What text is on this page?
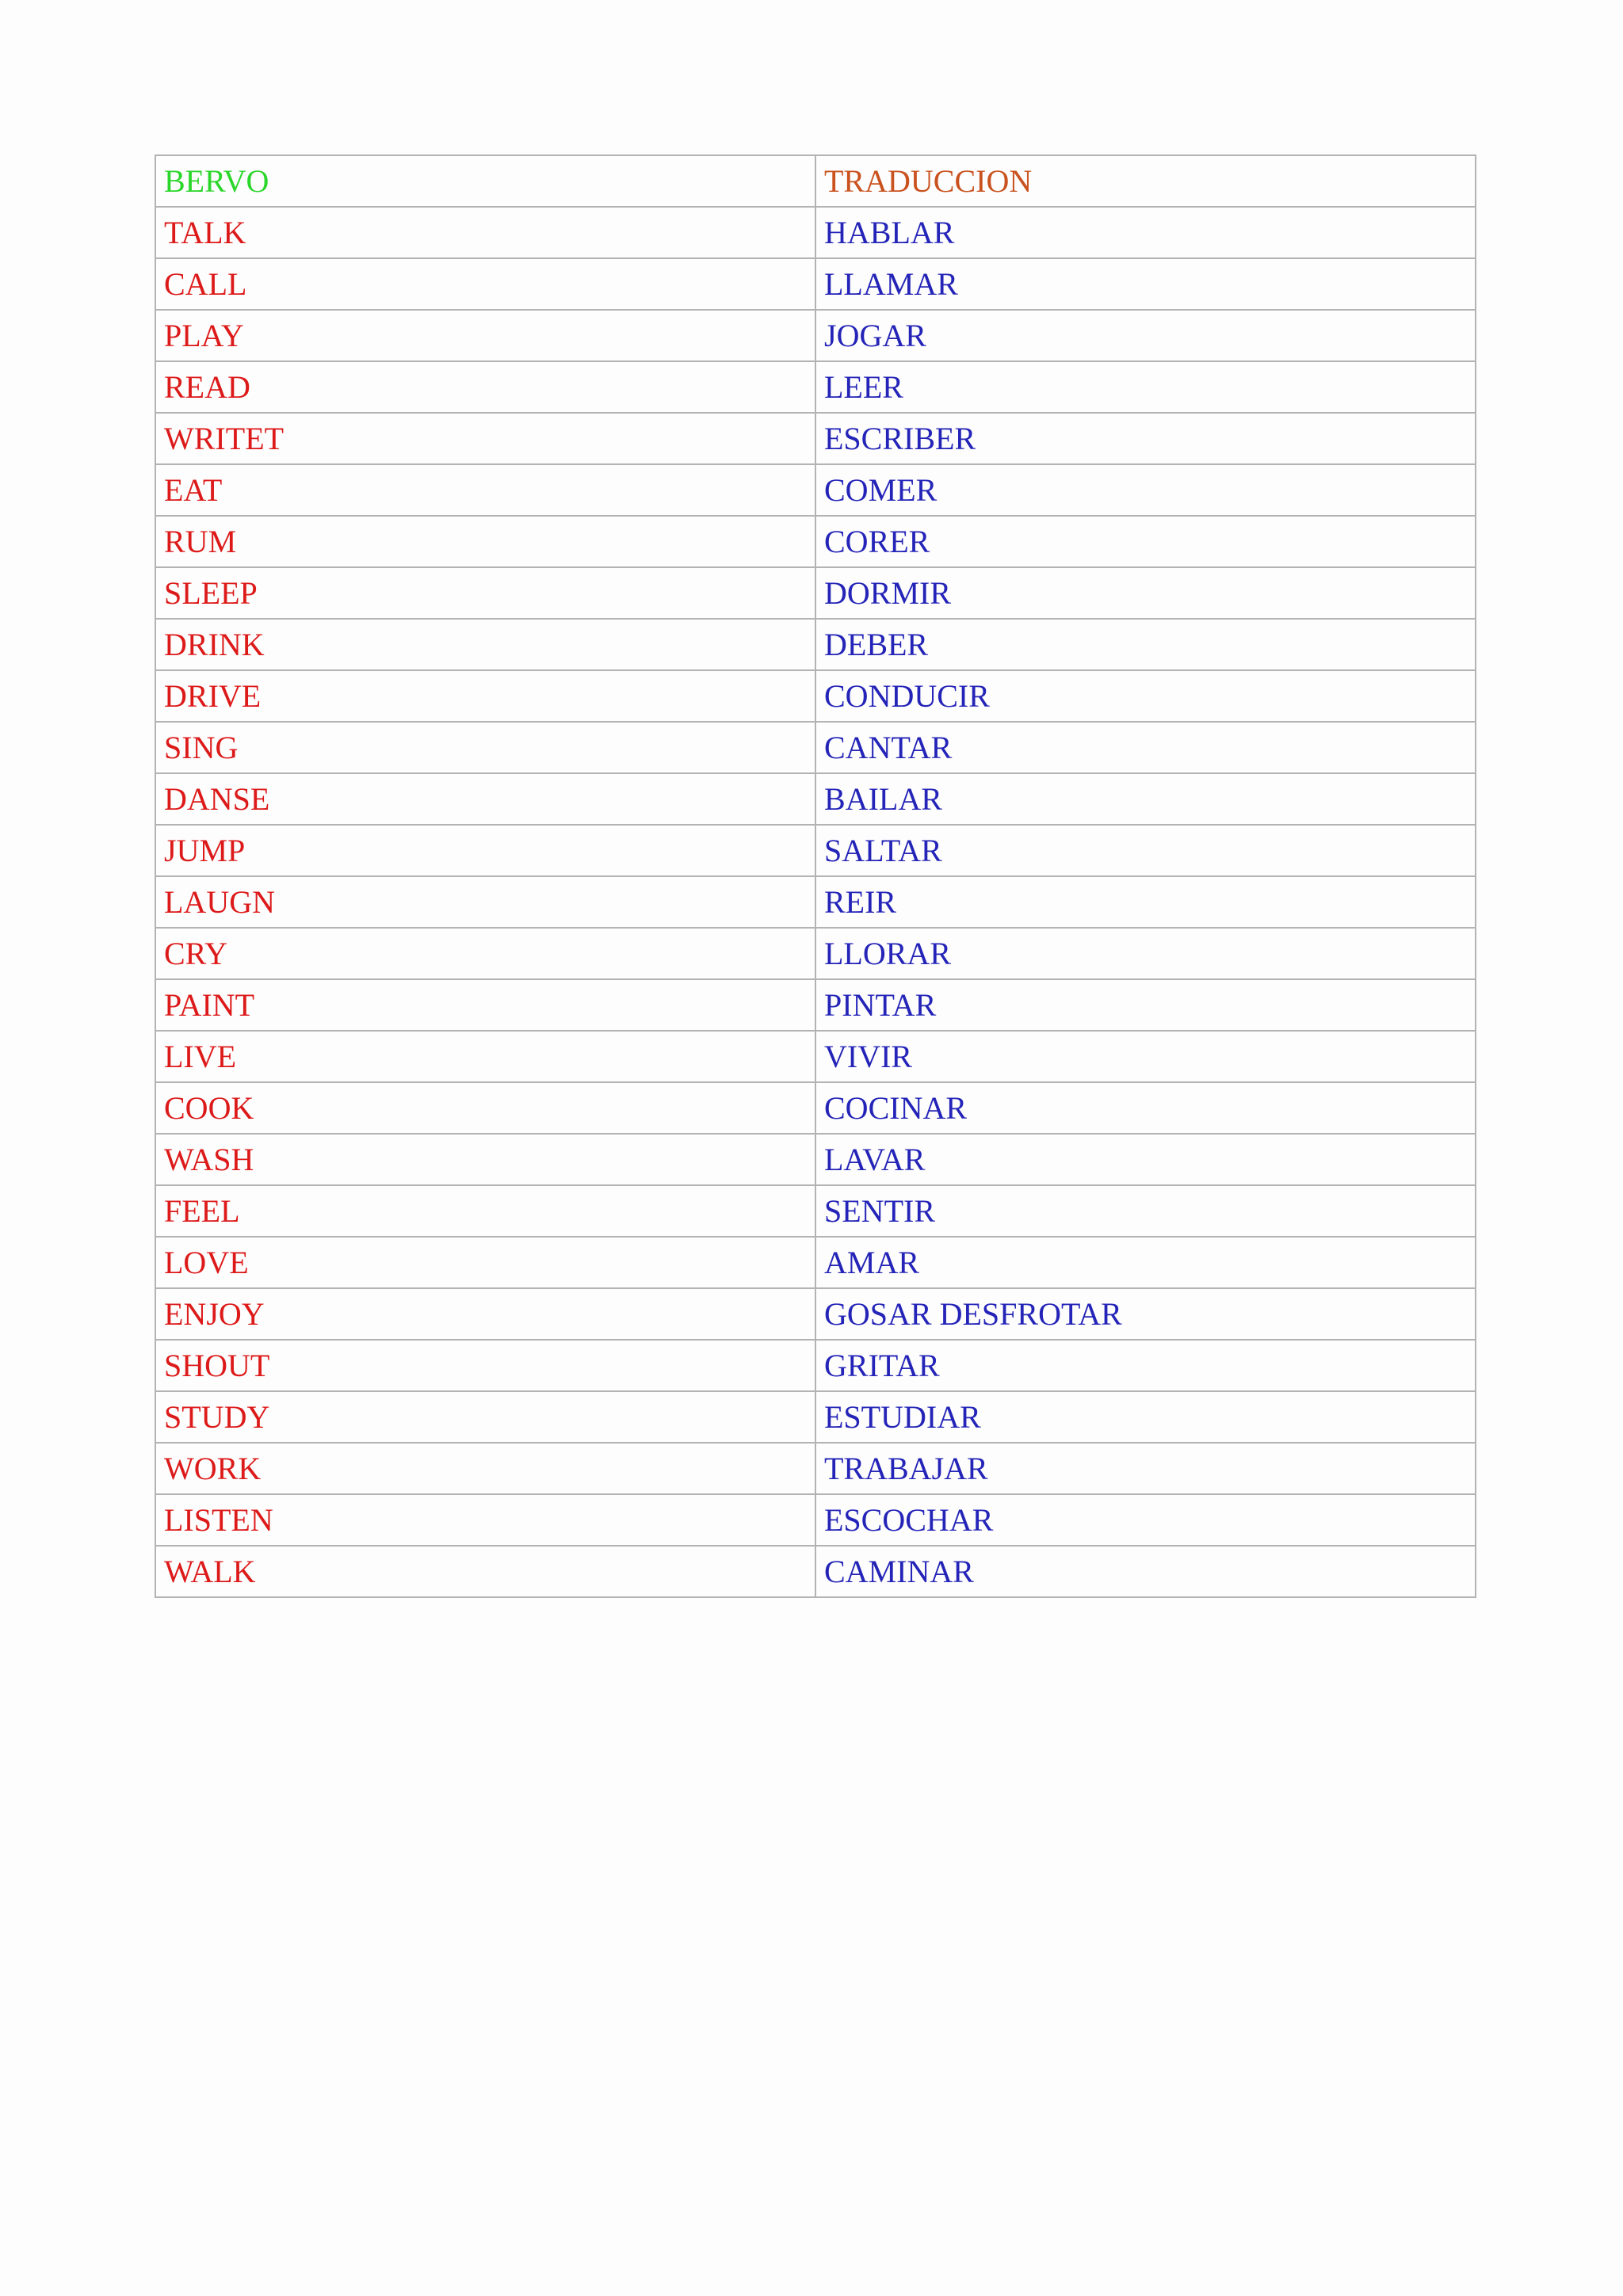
BERVO	TRADUCCION
TALK	HABLAR
CALL	LLAMAR
PLAY	JOGAR
READ	LEER
WRITET	ESCRIBER
EAT	COMER
RUM	CORER
SLEEP	DORMIR
DRINK	DEBER
DRIVE	CONDUCIR
SING	CANTAR
DANSE	BAILAR
JUMP	SALTAR
LAUGN	REIR
CRY	LLORAR
PAINT	PINTAR
LIVE	VIVIR
COOK	COCINAR
WASH	LAVAR
FEEL	SENTIR
LOVE	AMAR
ENJOY	GOSAR DESFROTAR
SHOUT	GRITAR
STUDY	ESTUDIAR
WORK	TRABAJAR
LISTEN	ESCOCHAR
WALK	CAMINAR
